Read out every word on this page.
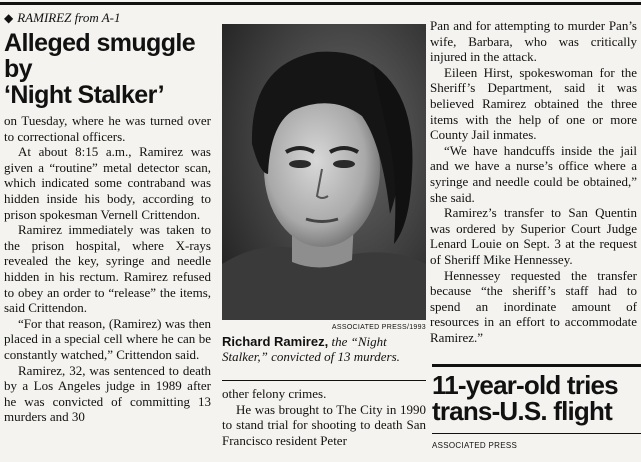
◆ RAMIREZ from A-1
Alleged smuggle by
‘Night Stalker’

on Tuesday, where he was turned over to correctional officers.

At about 8:15 a.m., Ramirez was given a “routine” metal detector scan, which indicated some contraband was hidden inside his body, according to prison spokesman Vernell Crittendon.

Ramirez immediately was taken to the prison hospital, where X-rays revealed the key, syringe and needle hidden in his rectum. Ramirez refused to obey an order to “release” the items, said Crittendon.

“For that reason, (Ramirez) was then placed in a special cell where he can be constantly watched,” Crittendon said.

Ramirez, 32, was sentenced to death by a Los Angeles judge in 1989 after he was convicted of committing 13 murders and 30

ASSOCIATED PRESS/1993
Richard Ramirez, the “Night Stalker,” convicted of 13 murders.

other felony crimes.

He was brought to The City in 1990 to stand trial for shooting to death San Francisco resident Peter

Pan and for attempting to murder Pan’s wife, Barbara, who was critically injured in the attack.

Eileen Hirst, spokeswoman for the Sheriff’s Department, said it was believed Ramirez obtained the three items with the help of one or more County Jail inmates.

“We have handcuffs inside the jail and we have a nurse’s office where a syringe and needle could be obtained,” she said.

Ramirez’s transfer to San Quentin was ordered by Superior Court Judge Lenard Louie on Sept. 3 at the request of Sheriff Mike Hennessey.

Hennessey requested the transfer because “the sheriff’s staff had to spend an inordinate amount of resources in an effort to accommodate Ramirez.”

11-year-old tries
trans-U.S. flight
ASSOCIATED PRESS
